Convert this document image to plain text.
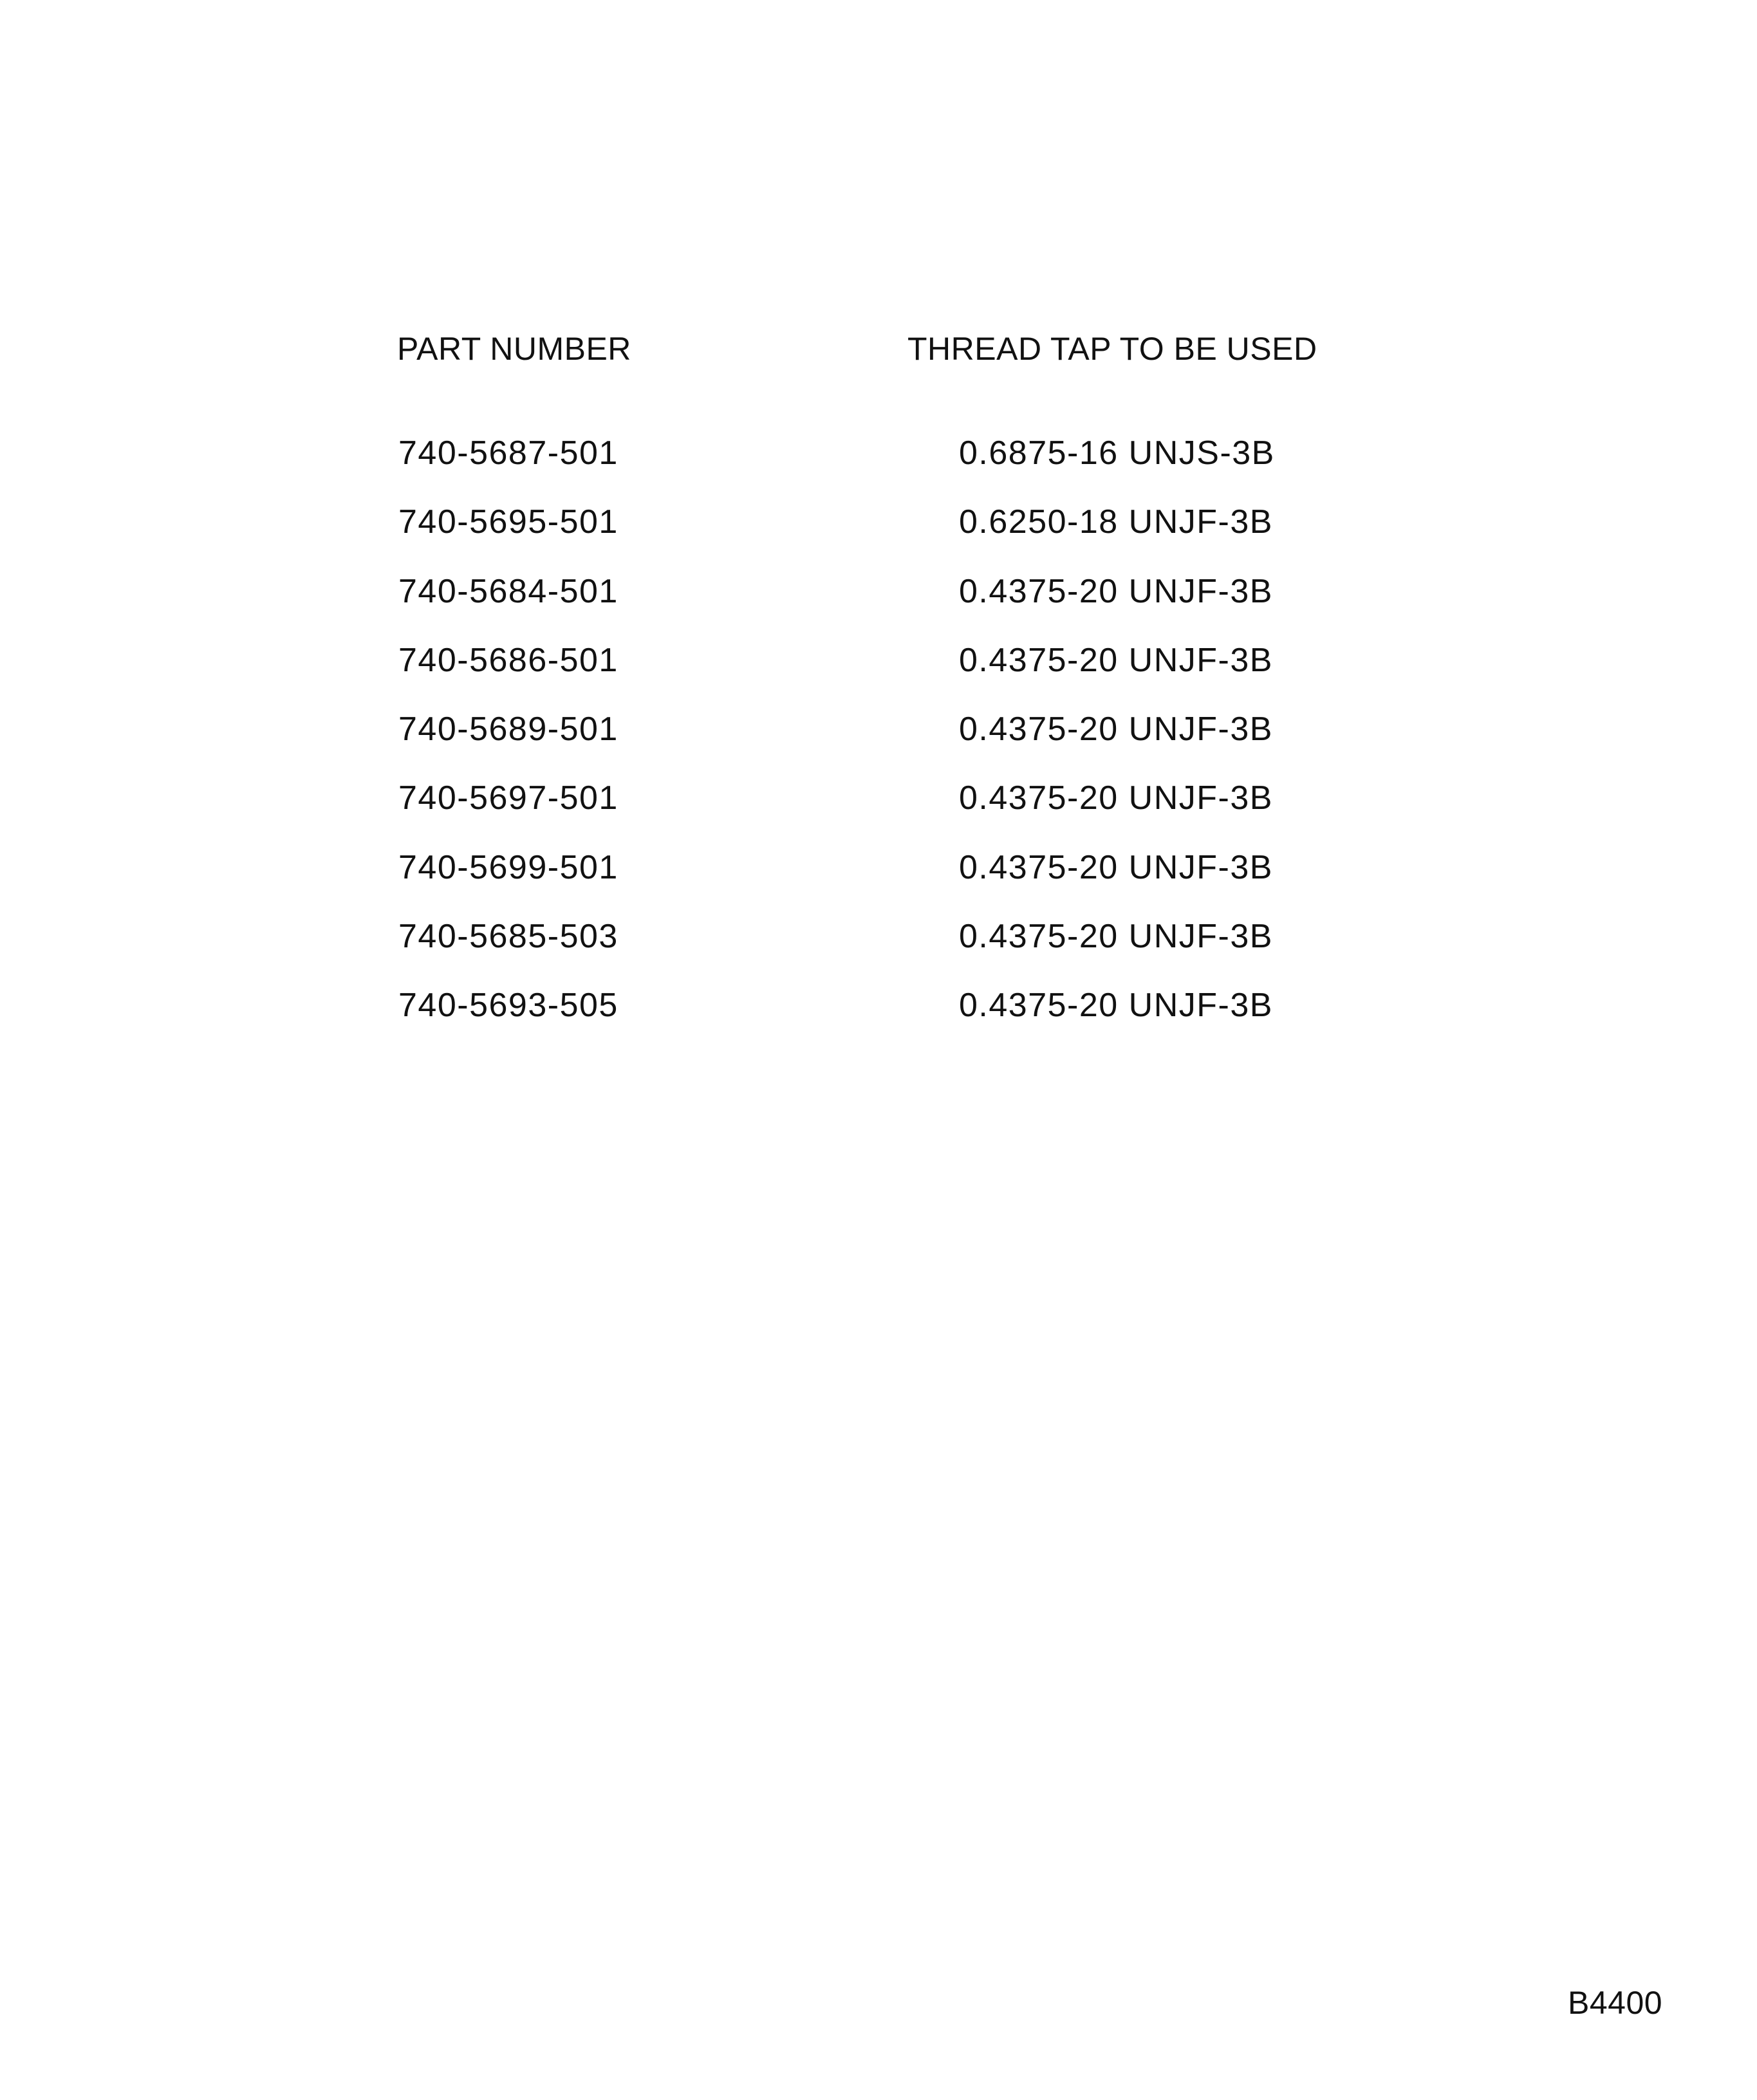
PART NUMBER	THREAD TAP TO BE USED
740-5687-501	0.6875-16 UNJS-3B
740-5695-501	0.6250-18 UNJF-3B
740-5684-501	0.4375-20 UNJF-3B
740-5686-501	0.4375-20 UNJF-3B
740-5689-501	0.4375-20 UNJF-3B
740-5697-501	0.4375-20 UNJF-3B
740-5699-501	0.4375-20 UNJF-3B
740-5685-503	0.4375-20 UNJF-3B
740-5693-505	0.4375-20 UNJF-3B
B4400
